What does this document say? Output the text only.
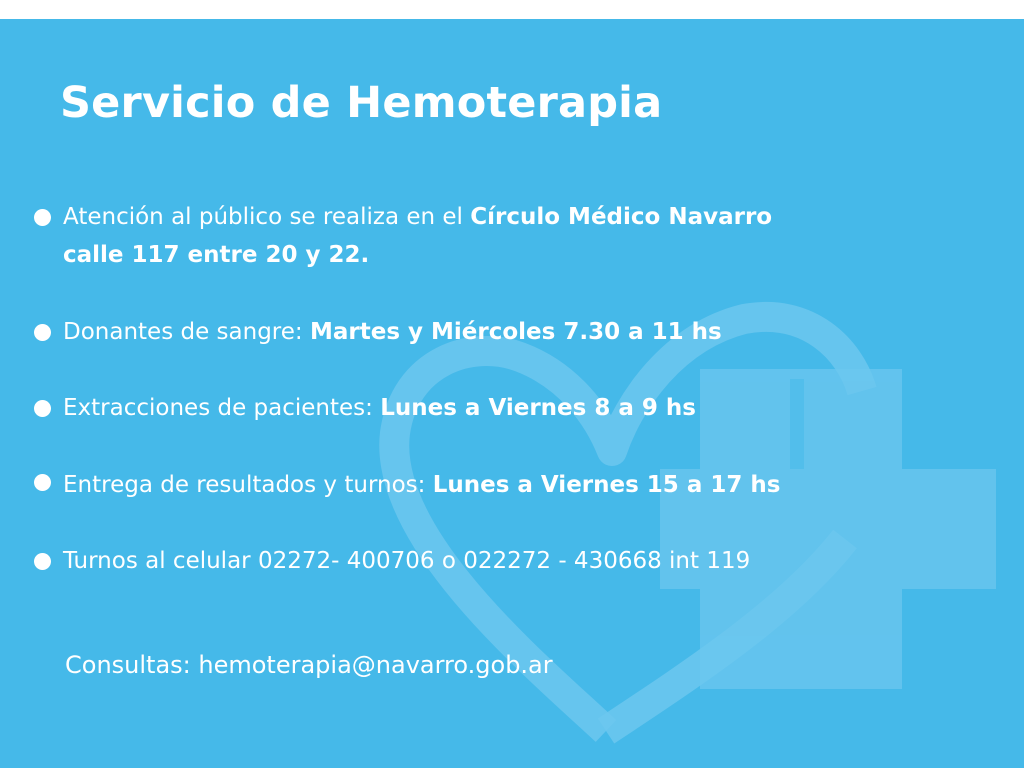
Servicio de Hemoterapia

Atención al público se realiza en el Círculo Médico Navarro

calle 117 entre 20 y 22.

Donantes de sangre: Martes y Miércoles 7.30 a 11 hs

Extracciones de pacientes: Lunes a Viernes 8 a 9 hs

Entrega de resultados y turnos: Lunes a Viernes 15 a 17 hs

Turnos al celular 02272- 400706 o 022272 - 430668 int 119

Consultas: hemoterapia@navarro.gob.ar
